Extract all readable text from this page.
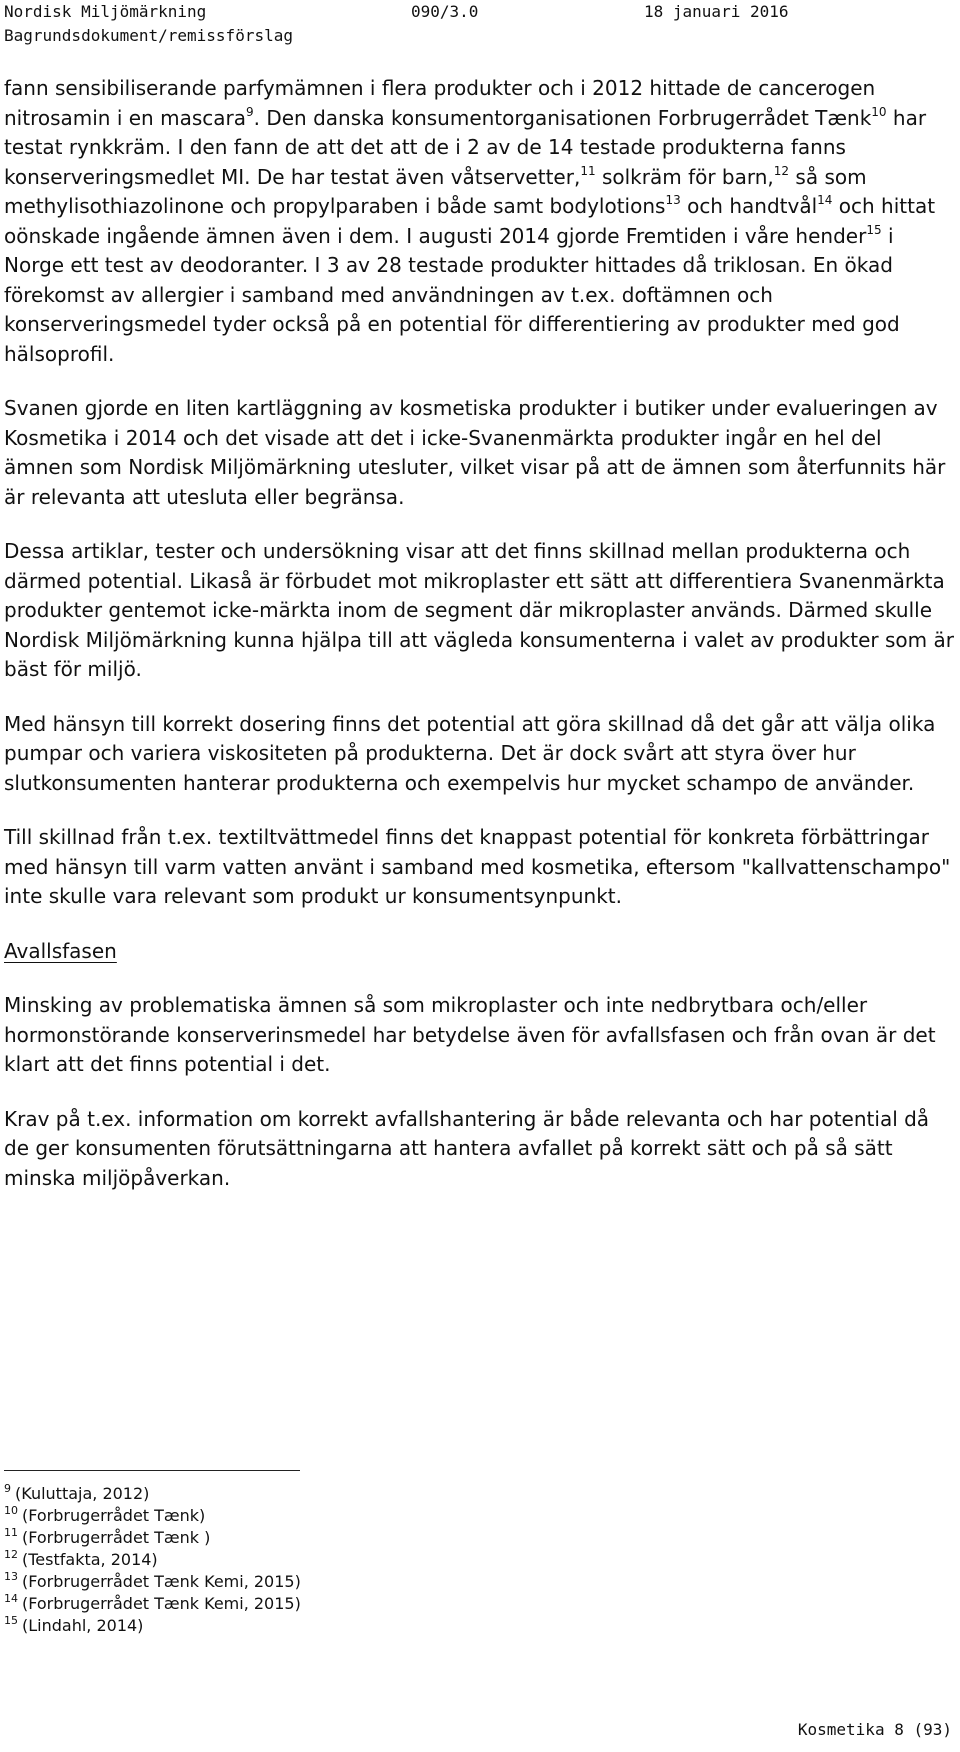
Nordisk Miljömärkning	090/3.0	18 januari 2016
Bagrundsdokument/remissförslag

fann sensibiliserande parfymämnen i flera produkter och i 2012 hittade de cancerogen nitrosamin i en mascara$^9$. Den danska konsumentorganisationen Forbrugerrådet Tænk$^{10}$ har testat rynkkräm. I den fann de att det att de i 2 av de 14 testade produkterna fanns konserveringsmedlet MI. De har testat även våtservetter,$^{11}$ solkräm för barn,$^{12}$ så som methylisothiazolinone och propylparaben i både samt bodylotions$^{13}$ och handtvål$^{14}$ och hittat oönskade ingående ämnen även i dem. I augusti 2014 gjorde Fremtiden i våre hender$^{15}$ i Norge ett test av deodoranter. I 3 av 28 testade produkter hittades då triklosan. En ökad förekomst av allergier i samband med användningen av t.ex. doftämnen och konserveringsmedel tyder också på en potential för differentiering av produkter med god hälsoprofil.

Svanen gjorde en liten kartläggning av kosmetiska produkter i butiker under evalueringen av Kosmetika i 2014 och det visade att det i icke-Svanenmärkta produkter ingår en hel del ämnen som Nordisk Miljömärkning utesluter, vilket visar på att de ämnen som återfunnits här är relevanta att utesluta eller begränsa.

Dessa artiklar, tester och undersökning visar att det finns skillnad mellan produkterna och därmed potential. Likaså är förbudet mot mikroplaster ett sätt att differentiera Svanenmärkta produkter gentemot icke-märkta inom de segment där mikroplaster används. Därmed skulle Nordisk Miljömärkning kunna hjälpa till att vägleda konsumenterna i valet av produkter som är bäst för miljö.

Med hänsyn till korrekt dosering finns det potential att göra skillnad då det går att välja olika pumpar och variera viskositeten på produkterna. Det är dock svårt att styra över hur slutkonsumenten hanterar produkterna och exempelvis hur mycket schampo de använder.

Till skillnad från t.ex. textiltvättmedel finns det knappast potential för konkreta förbättringar med hänsyn till varm vatten använt i samband med kosmetika, eftersom "kallvattenschampo" inte skulle vara relevant som produkt ur konsumentsynpunkt.

Avallsfasen

Minsking av problematiska ämnen så som mikroplaster och inte nedbrytbara och/eller hormonstörande konserverinsmedel har betydelse även för avfallsfasen och från ovan är det klart att det finns potential i det.

Krav på t.ex. information om korrekt avfallshantering är både relevanta och har potential då de ger konsumenten förutsättningarna att hantera avfallet på korrekt sätt och på så sätt minska miljöpåverkan.

$^9$ (Kuluttaja, 2012)
$^{10}$ (Forbrugerrådet Tænk)
$^{11}$ (Forbrugerrådet Tænk )
$^{12}$ (Testfakta, 2014)
$^{13}$ (Forbrugerrådet Tænk Kemi, 2015)
$^{14}$ (Forbrugerrådet Tænk Kemi, 2015)
$^{15}$ (Lindahl, 2014)
Kosmetika 8 (93)
